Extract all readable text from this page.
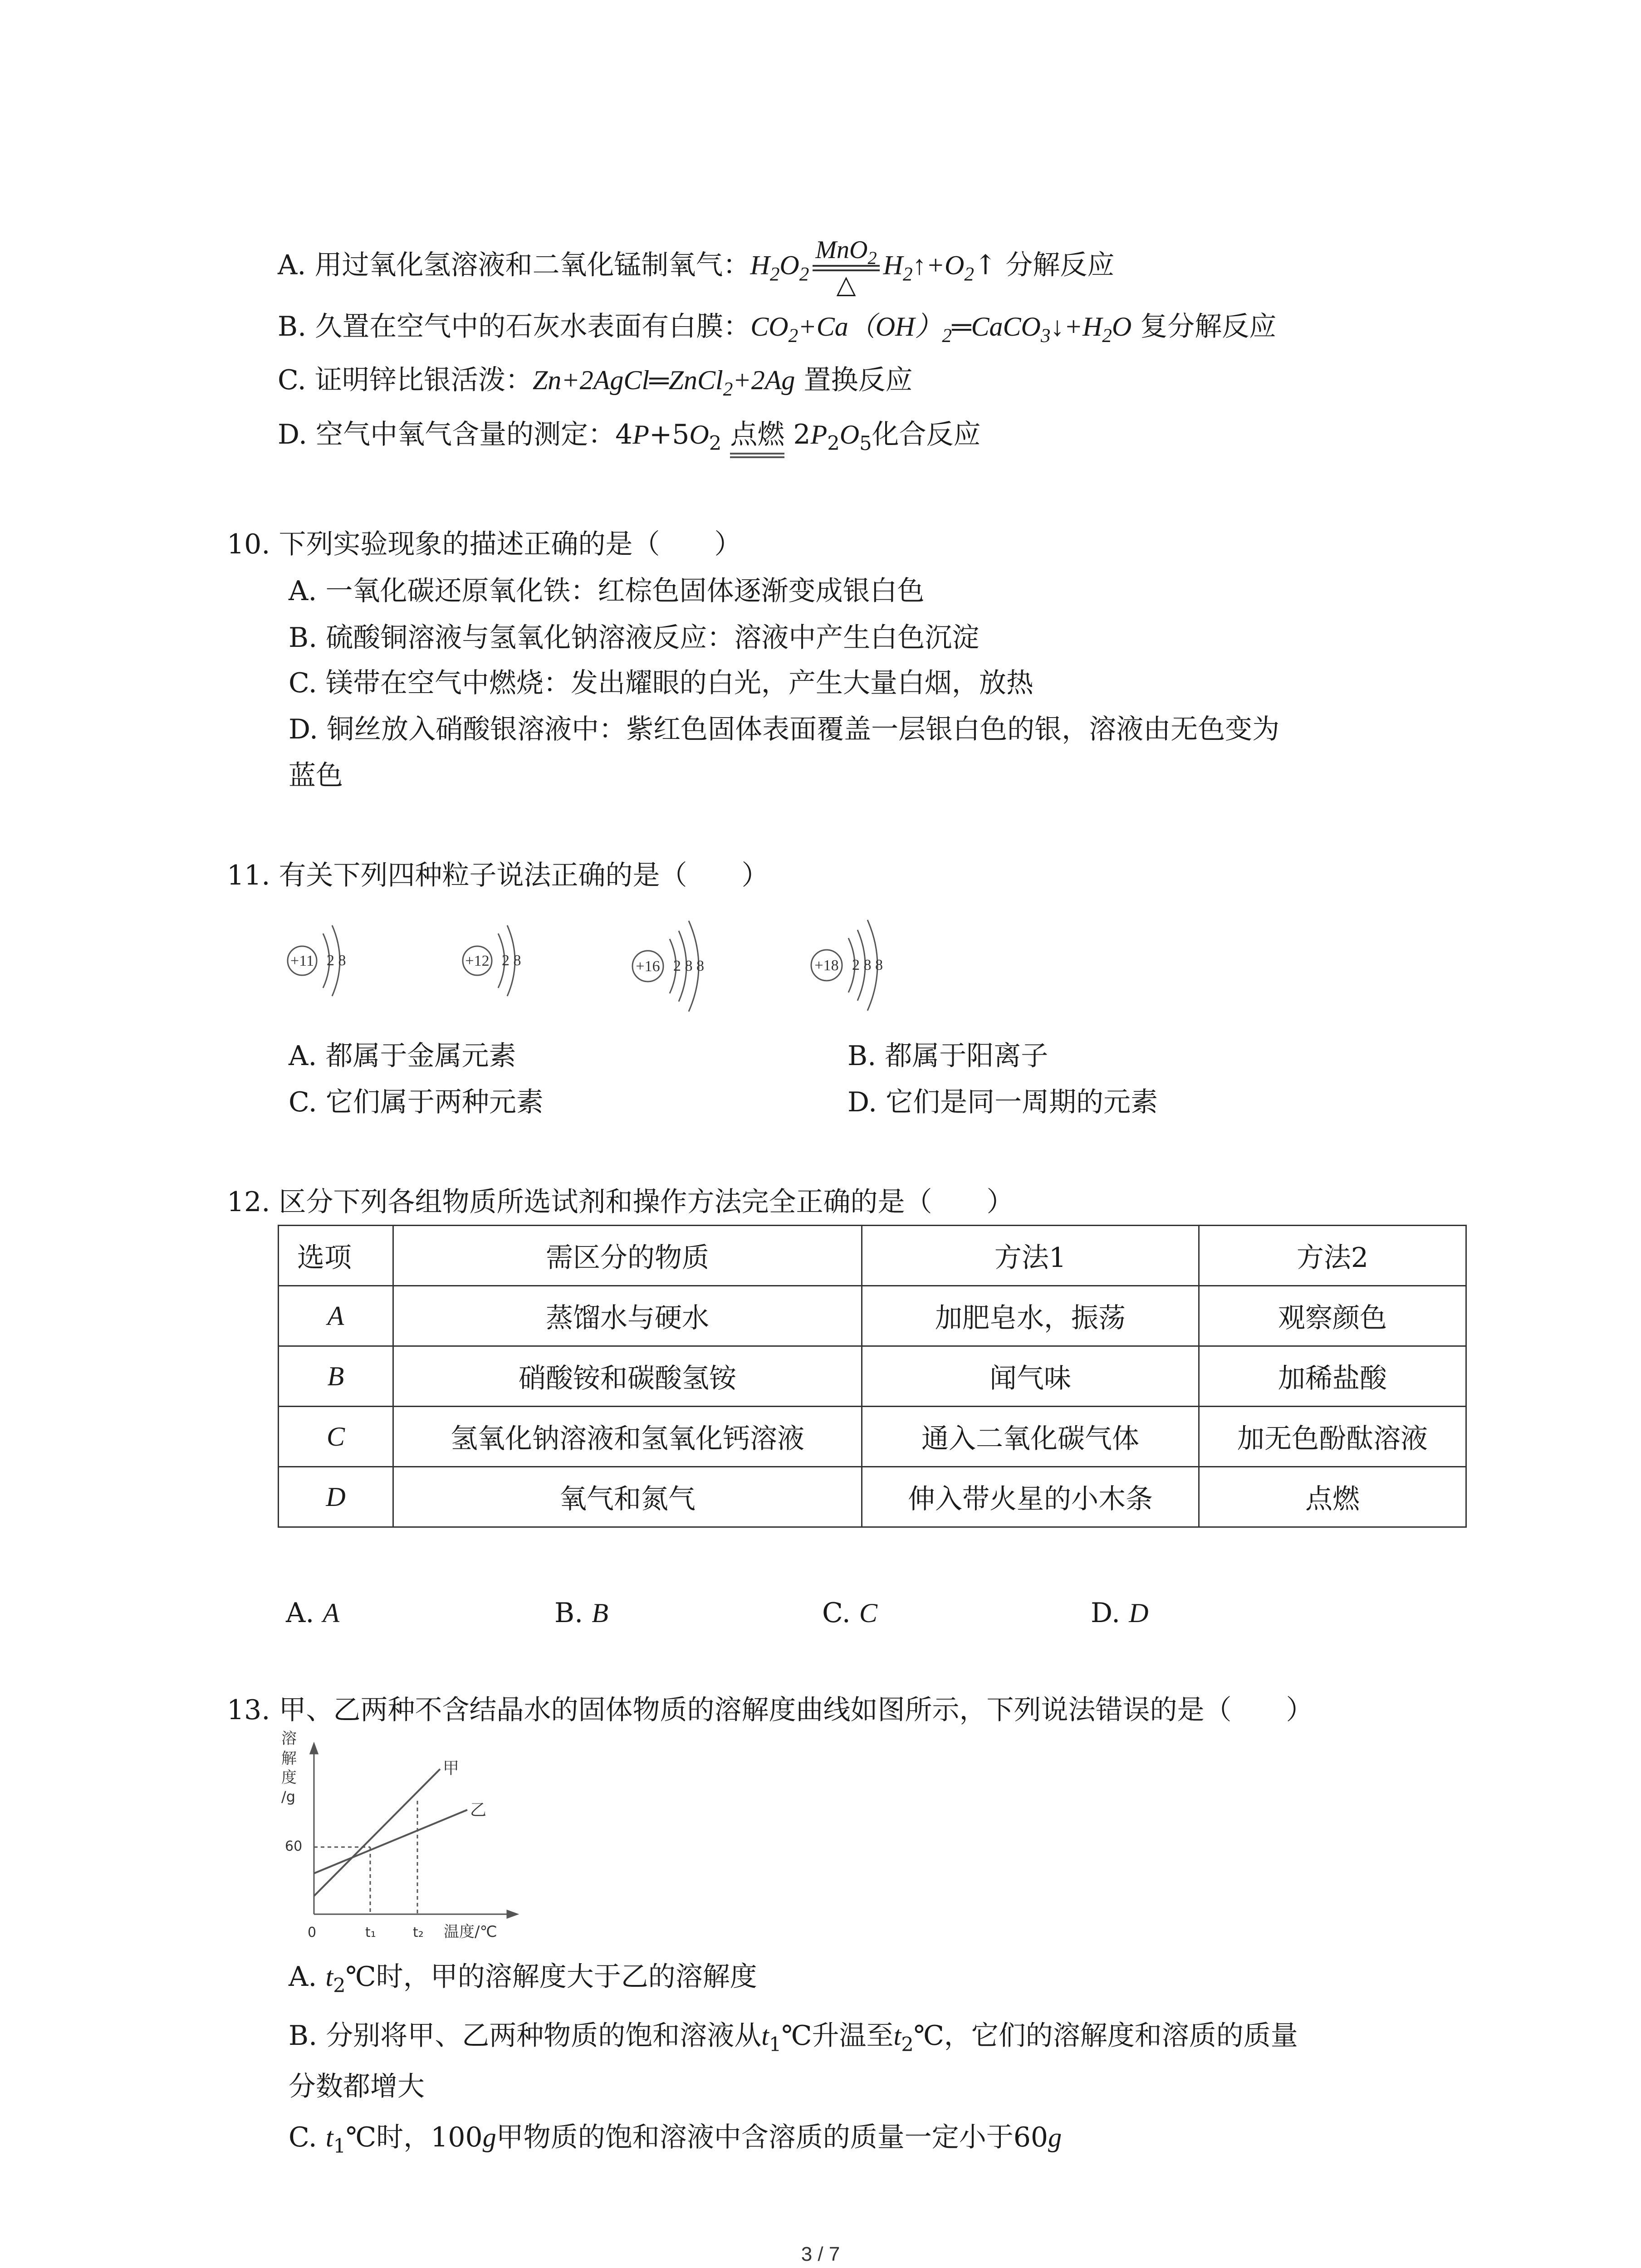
A. 用过氧化氢溶液和二氧化锰制氧气：$H_2O_2 \frac{MnO_2}{\triangle}$ $H_2↑+O_2↑$ 分解反应
B. 久置在空气中的石灰水表面有白膜：$CO_2+Ca(OH)_2═CaCO_3↓+H_2O$ 复分解反应
C. 证明锌比银活泼：Zn+2AgCl═ZnCl$_2$+2Ag 置换反应
D. 空气中氧气含量的测定：$4P+5O_2$ 点燃 $2P_2O_5$化合反应
10. 下列实验现象的描述正确的是（　　）
A. 一氧化碳还原氧化铁：红棕色固体逐渐变成银白色
B. 硫酸铜溶液与氢氧化钠溶液反应：溶液中产生白色沉淀
C. 镁带在空气中燃烧：发出耀眼的白光，产生大量白烟，放热
D. 铜丝放入硝酸银溶液中：紫红色固体表面覆盖一层银白色的银，溶液由无色变为
蓝色
11. 有关下列四种粒子说法正确的是（　　）
+11 2 8	+12 2 8	+16 2 8 8	+18 2 8 8
A. 都属于金属元素	B. 都属于阳离子
C. 它们属于两种元素	D. 它们是同一周期的元素
12. 区分下列各组物质所选试剂和操作方法完全正确的是（　　）
选项	需区分的物质	方法1	方法2
A	蒸馏水与硬水	加肥皂水，振荡	观察颜色
B	硝酸铵和碳酸氢铵	闻气味	加稀盐酸
C	氢氧化钠溶液和氢氧化钙溶液	通入二氧化碳气体	加无色酚酞溶液
D	氧气和氮气	伸入带火星的小木条	点燃
A. A	B. B	C. C	D. D
13. 甲、乙两种不含结晶水的固体物质的溶解度曲线如图所示，下列说法错误的是（　　）
溶
解
度
/g
60
0	t₁	t₂ 温度/℃
甲
乙
A. $t_2℃$时，甲的溶解度大于乙的溶解度
B. 分别将甲、乙两种物质的饱和溶液从$t_1℃$升温至$t_2℃$，它们的溶解度和溶质的质量
分数都增大
C. $t_1℃$时，100g甲物质的饱和溶液中含溶质的质量一定小于60g
3 / 7
